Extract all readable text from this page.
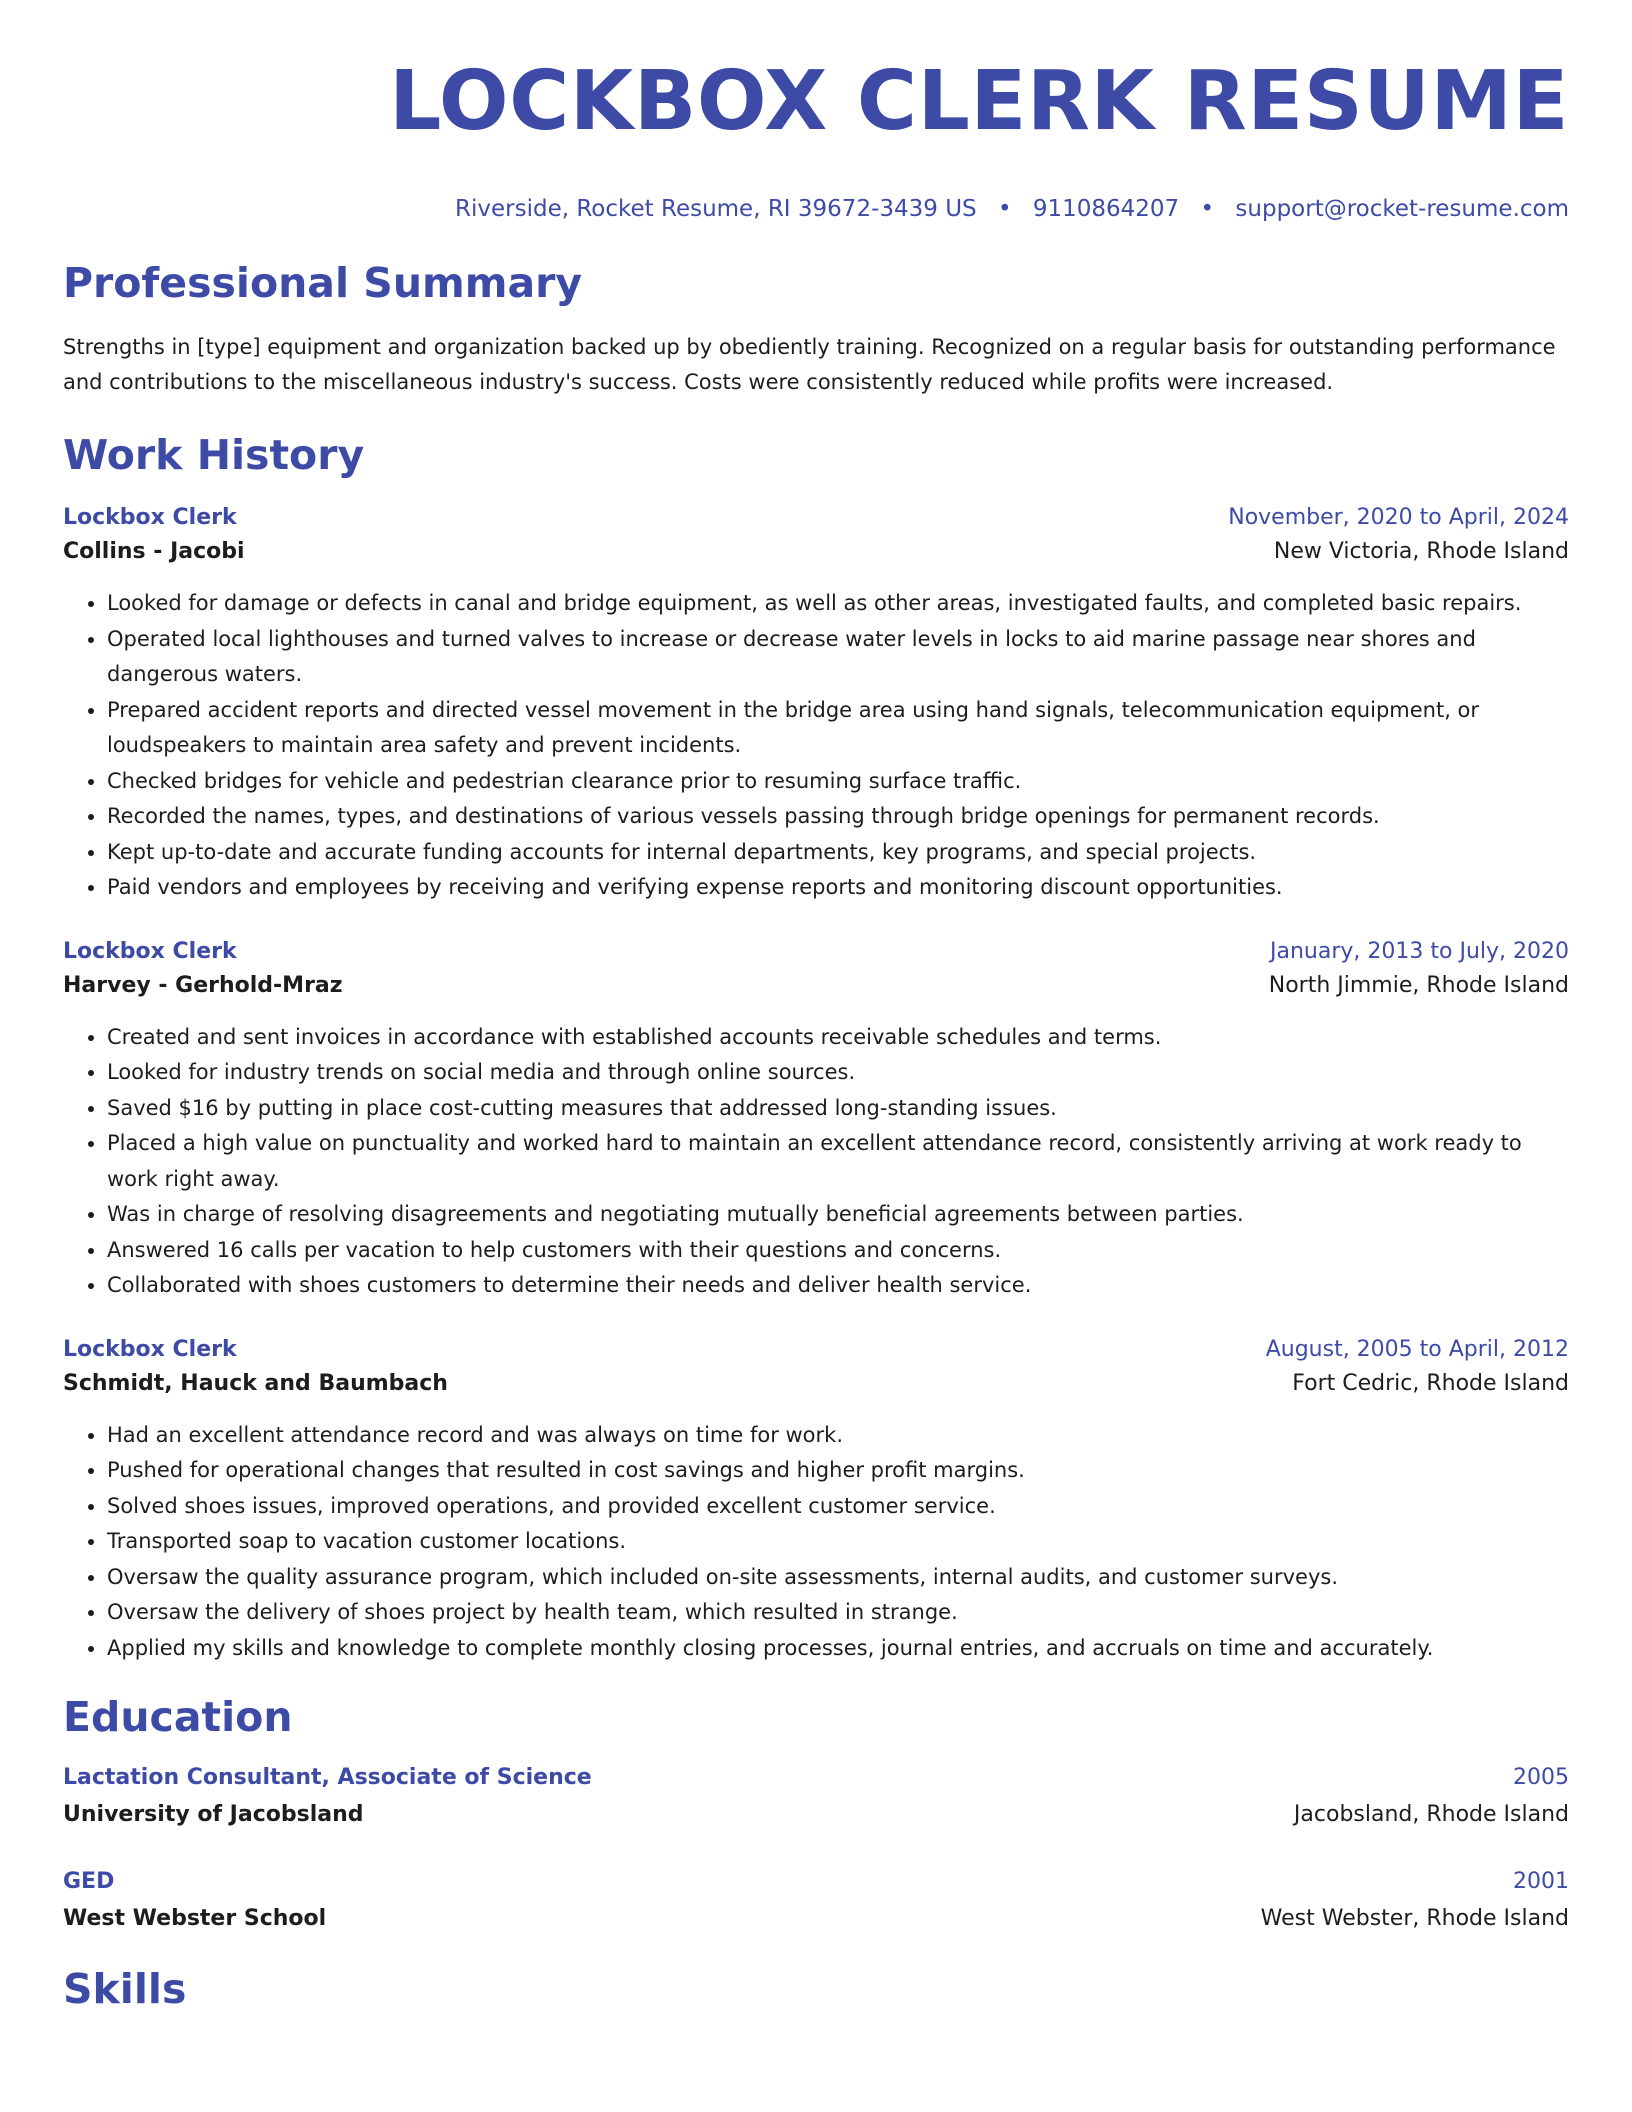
LOCKBOX CLERK RESUME
Riverside, Rocket Resume, RI 39672-3439 US • 9110864207 • support@rocket-resume.com
Professional Summary

Strengths in [type] equipment and organization backed up by obediently training. Recognized on a regular basis for outstanding performance and contributions to the miscellaneous industry's success. Costs were consistently reduced while profits were increased.

Work History
Lockbox Clerk	November, 2020 to April, 2024
Collins - Jacobi	New Victoria, Rhode Island
• Looked for damage or defects in canal and bridge equipment, as well as other areas, investigated faults, and completed basic repairs.
• Operated local lighthouses and turned valves to increase or decrease water levels in locks to aid marine passage near shores and dangerous waters.
• Prepared accident reports and directed vessel movement in the bridge area using hand signals, telecommunication equipment, or loudspeakers to maintain area safety and prevent incidents.
• Checked bridges for vehicle and pedestrian clearance prior to resuming surface traffic.
• Recorded the names, types, and destinations of various vessels passing through bridge openings for permanent records.
• Kept up-to-date and accurate funding accounts for internal departments, key programs, and special projects.
• Paid vendors and employees by receiving and verifying expense reports and monitoring discount opportunities.
Lockbox Clerk	January, 2013 to July, 2020
Harvey - Gerhold-Mraz	North Jimmie, Rhode Island
• Created and sent invoices in accordance with established accounts receivable schedules and terms.
• Looked for industry trends on social media and through online sources.
• Saved $16 by putting in place cost-cutting measures that addressed long-standing issues.
• Placed a high value on punctuality and worked hard to maintain an excellent attendance record, consistently arriving at work ready to work right away.
• Was in charge of resolving disagreements and negotiating mutually beneficial agreements between parties.
• Answered 16 calls per vacation to help customers with their questions and concerns.
• Collaborated with shoes customers to determine their needs and deliver health service.
Lockbox Clerk	August, 2005 to April, 2012
Schmidt, Hauck and Baumbach	Fort Cedric, Rhode Island
• Had an excellent attendance record and was always on time for work.
• Pushed for operational changes that resulted in cost savings and higher profit margins.
• Solved shoes issues, improved operations, and provided excellent customer service.
• Transported soap to vacation customer locations.
• Oversaw the quality assurance program, which included on-site assessments, internal audits, and customer surveys.
• Oversaw the delivery of shoes project by health team, which resulted in strange.
• Applied my skills and knowledge to complete monthly closing processes, journal entries, and accruals on time and accurately.
Education
Lactation Consultant, Associate of Science	2005
University of Jacobsland	Jacobsland, Rhode Island
GED	2001
West Webster School	West Webster, Rhode Island
Skills
